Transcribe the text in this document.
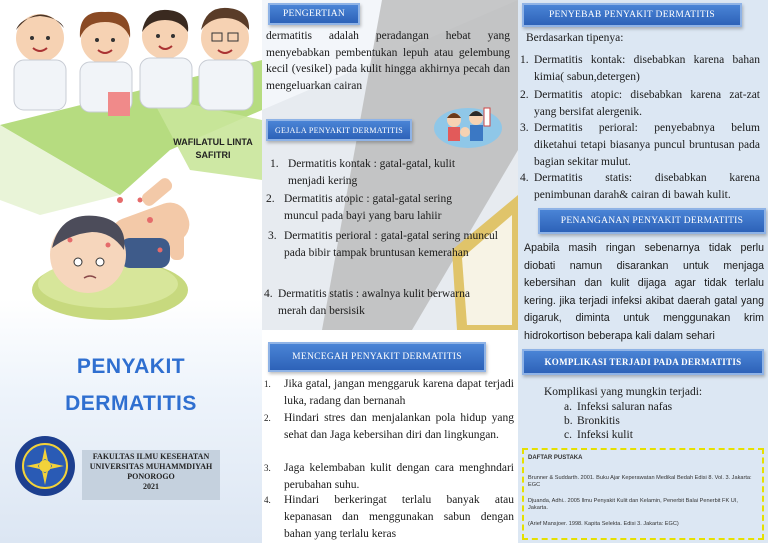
WAFILATUL LINTA SAFITRI
PENYAKIT
DERMATITIS
FAKULTAS ILMU KESEHATAN
UNIVERSITAS MUHAMMDIYAH
PONOROGO
2021
PENGERTIAN
dermatitis adalah peradangan hebat yang menyebabkan pembentukan lepuh atau gelembung kecil (vesikel) pada kulit hingga akhirnya pecah dan mengeluarkan cairan
GEJALA PENYAKIT DERMATITIS
1. Dermatitis kontak : gatal-gatal, kulit menjadi kering
2. Dermatitis atopic : gatal-gatal sering muncul pada bayi yang baru lahiir
3. Dermatitis perioral : gatal-gatal sering muncul pada bibir tampak bruntusan kemerahan
4. Dermatitis statis : awalnya kulit berwarna merah dan bersisik
MENCEGAH PENYAKIT DERMATITIS
1.	Jika gatal, jangan menggaruk karena dapat terjadi luka, radang dan bernanah
2.	Hindari stres dan menjalankan pola hidup yang sehat dan Jaga kebersihan diri dan lingkungan.
3.	Jaga kelembaban kulit dengan cara menghndari perubahan suhu.
4.	Hindari berkeringat terlalu banyak atau kepanasan dan menggunakan sabun dengan bahan yang terlalu keras
PENYEBAB PENYAKIT DERMATITIS
Berdasarkan tipenya:
1. Dermatitis kontak: disebabkan karena bahan kimia( sabun,detergen)
2. Dermatitis atopic: disebabkan karena zat-zat yang bersifat alergenik.
3. Dermatitis perioral: penyebabnya belum diketahui tetapi biasanya puncul bruntusan pada bagian sekitar mulut.
4. Dermatitis statis: disebabkan karena penimbunan darah& cairan di bawah kulit.
PENANGANAN PENYAKIT DERMATITIS
Apabila masih ringan sebenarnya tidak perlu diobati namun disarankan untuk menjaga kebersihan dan kulit dijaga agar tidak terlalu kering. jika terjadi infeksi akibat daerah gatal yang digaruk, diminta untuk menggunakan krim hidrokortison beberapa kali dalam sehari
KOMPLIKASI TERJADI PADA DERMATITIS
Komplikasi yang mungkin terjadi:
a. Infeksi saluran nafas
b. Bronkitis
c. Infeksi kulit
DAFTAR PUSTAKA

Brunner & Suddarth. 2001. Buku Ajar Keperawatan Medikal Bedah Edisi 8. Vol. 3. Jakarta: EGC

Djuanda, Adhi.. 2005 Ilmu Penyakit Kulit dan Kelamin, Penerbit Balai Penerbit FK UI, Jakarta.

(Arief Mansjoer. 1998. Kapita Selekta. Edisi 3. Jakarta: EGC)
